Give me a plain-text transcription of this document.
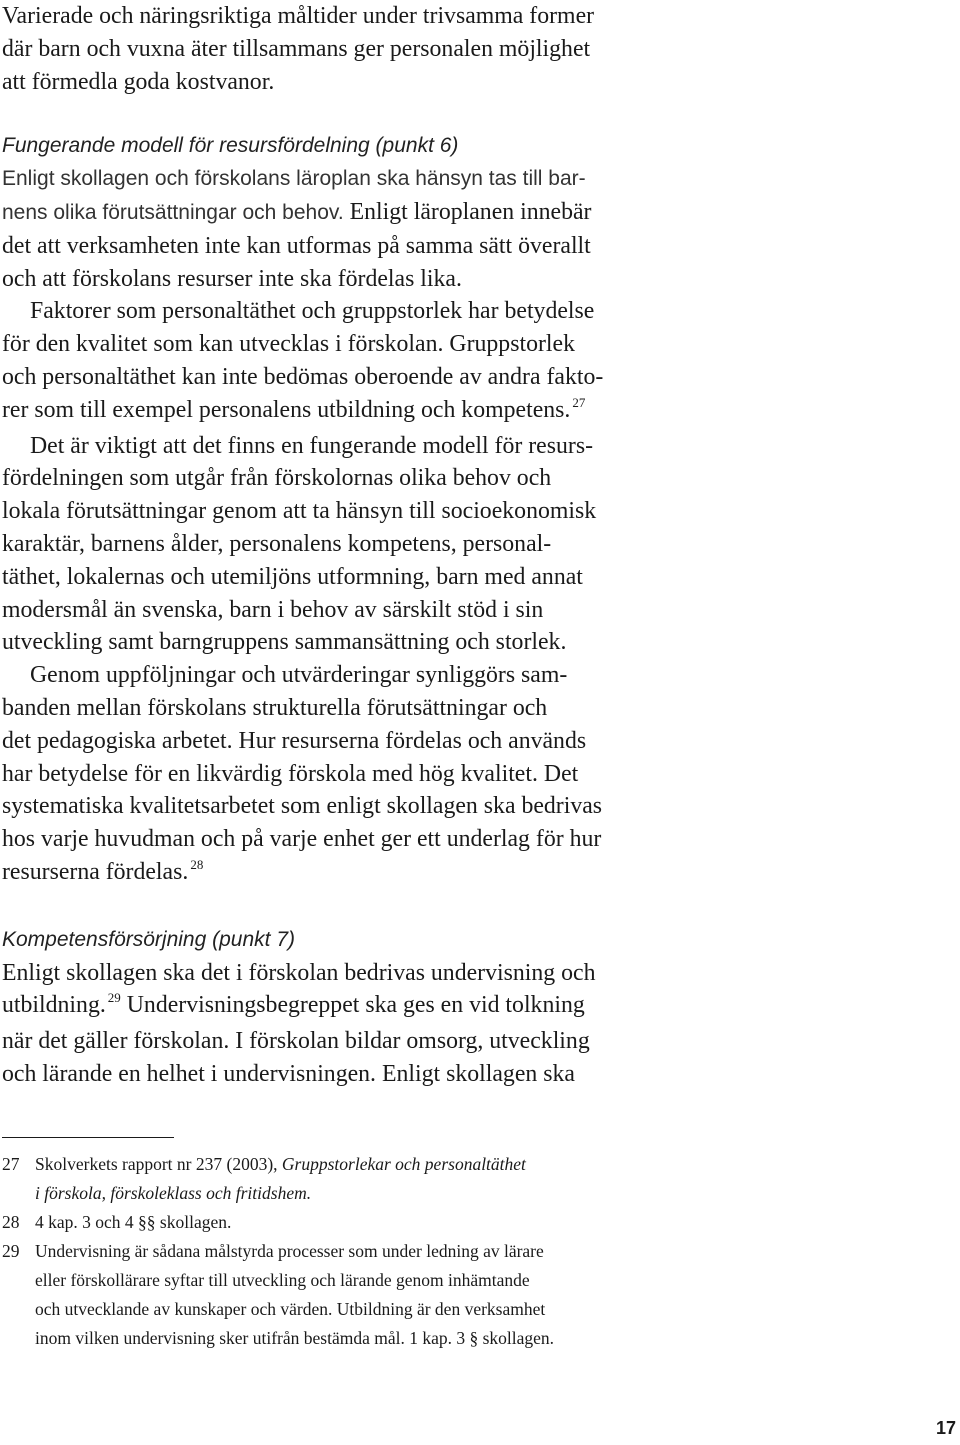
Varierade och näringsriktiga måltider under trivsamma former
där barn och vuxna äter tillsammans ger personalen möjlighet
att förmedla goda kostvanor.
Fungerande modell för resursfördelning (punkt 6)
Enligt skollagen och förskolans läroplan ska hänsyn tas till bar-
nens olika förutsättningar och behov. Enligt läroplanen innebär
det att verksamheten inte kan utformas på samma sätt överallt
och att förskolans resurser inte ska fördelas lika.
Faktorer som personaltäthet och gruppstorlek har betydelse
för den kvalitet som kan utvecklas i förskolan. Gruppstorlek
och personaltäthet kan inte bedömas oberoende av andra fakto-
rer som till exempel personalens utbildning och kompetens. $^{27}$
Det är viktigt att det finns en fungerande modell för resurs-
fördelningen som utgår från förskolornas olika behov och
lokala förutsättningar genom att ta hänsyn till socioekonomisk
karaktär, barnens ålder, personalens kompetens, personal-
täthet, lokalernas och utemiljöns utformning, barn med annat
modersmål än svenska, barn i behov av särskilt stöd i sin
utveckling samt barngruppens sammansättning och storlek.
Genom uppföljningar och utvärderingar synliggörs sam-
banden mellan förskolans strukturella förutsättningar och
det pedagogiska arbetet. Hur resurserna fördelas och används
har betydelse för en likvärdig förskola med hög kvalitet. Det
systematiska kvalitetsarbetet som enligt skollagen ska bedrivas
hos varje huvudman och på varje enhet ger ett underlag för hur
resurserna fördelas. $^{28}$
Kompetensförsörjning (punkt 7)
Enligt skollagen ska det i förskolan bedrivas undervisning och
utbildning. $^{29}$ Undervisningsbegreppet ska ges en vid tolkning
när det gäller förskolan. I förskolan bildar omsorg, utveckling
och lärande en helhet i undervisningen. Enligt skollagen ska
27 Skolverkets rapport nr 237 (2003), Gruppstorlekar och personaltäthet
i förskola, förskoleklass och fritidshem.
28 4 kap. 3 och 4 §§ skollagen.
29 Undervisning är sådana målstyrda processer som under ledning av lärare
eller förskollärare syftar till utveckling och lärande genom inhämtande
och utvecklande av kunskaper och värden. Utbildning är den verksamhet
inom vilken undervisning sker utifrån bestämda mål. 1 kap. 3 § skollagen.
17
